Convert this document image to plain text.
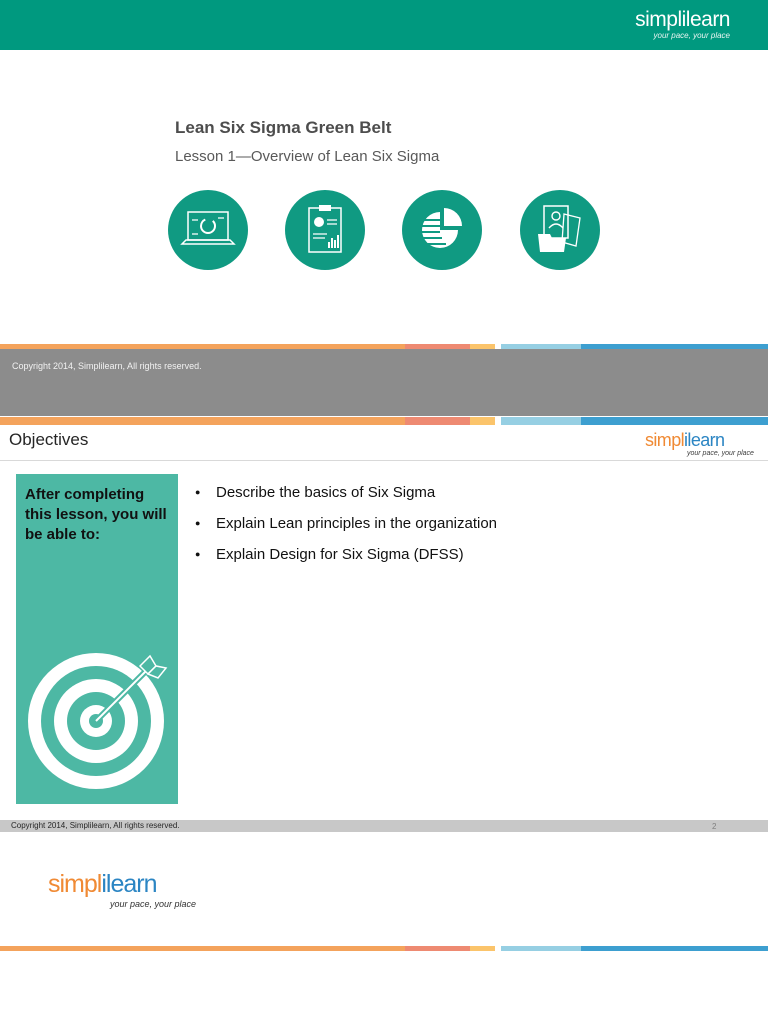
simplilearn
your pace, your place
Lean Six Sigma Green Belt
Lesson 1—Overview of Lean Six Sigma
Copyright 2014, Simplilearn, All rights reserved.
Objectives	simplilearn
your pace, your place
After completing this lesson, you will be able to:
● Describe the basics of Six Sigma
● Explain Lean principles in the organization
● Explain Design for Six Sigma (DFSS)
Copyright 2014, Simplilearn, All rights reserved.	2
simplilearn
your pace, your place
